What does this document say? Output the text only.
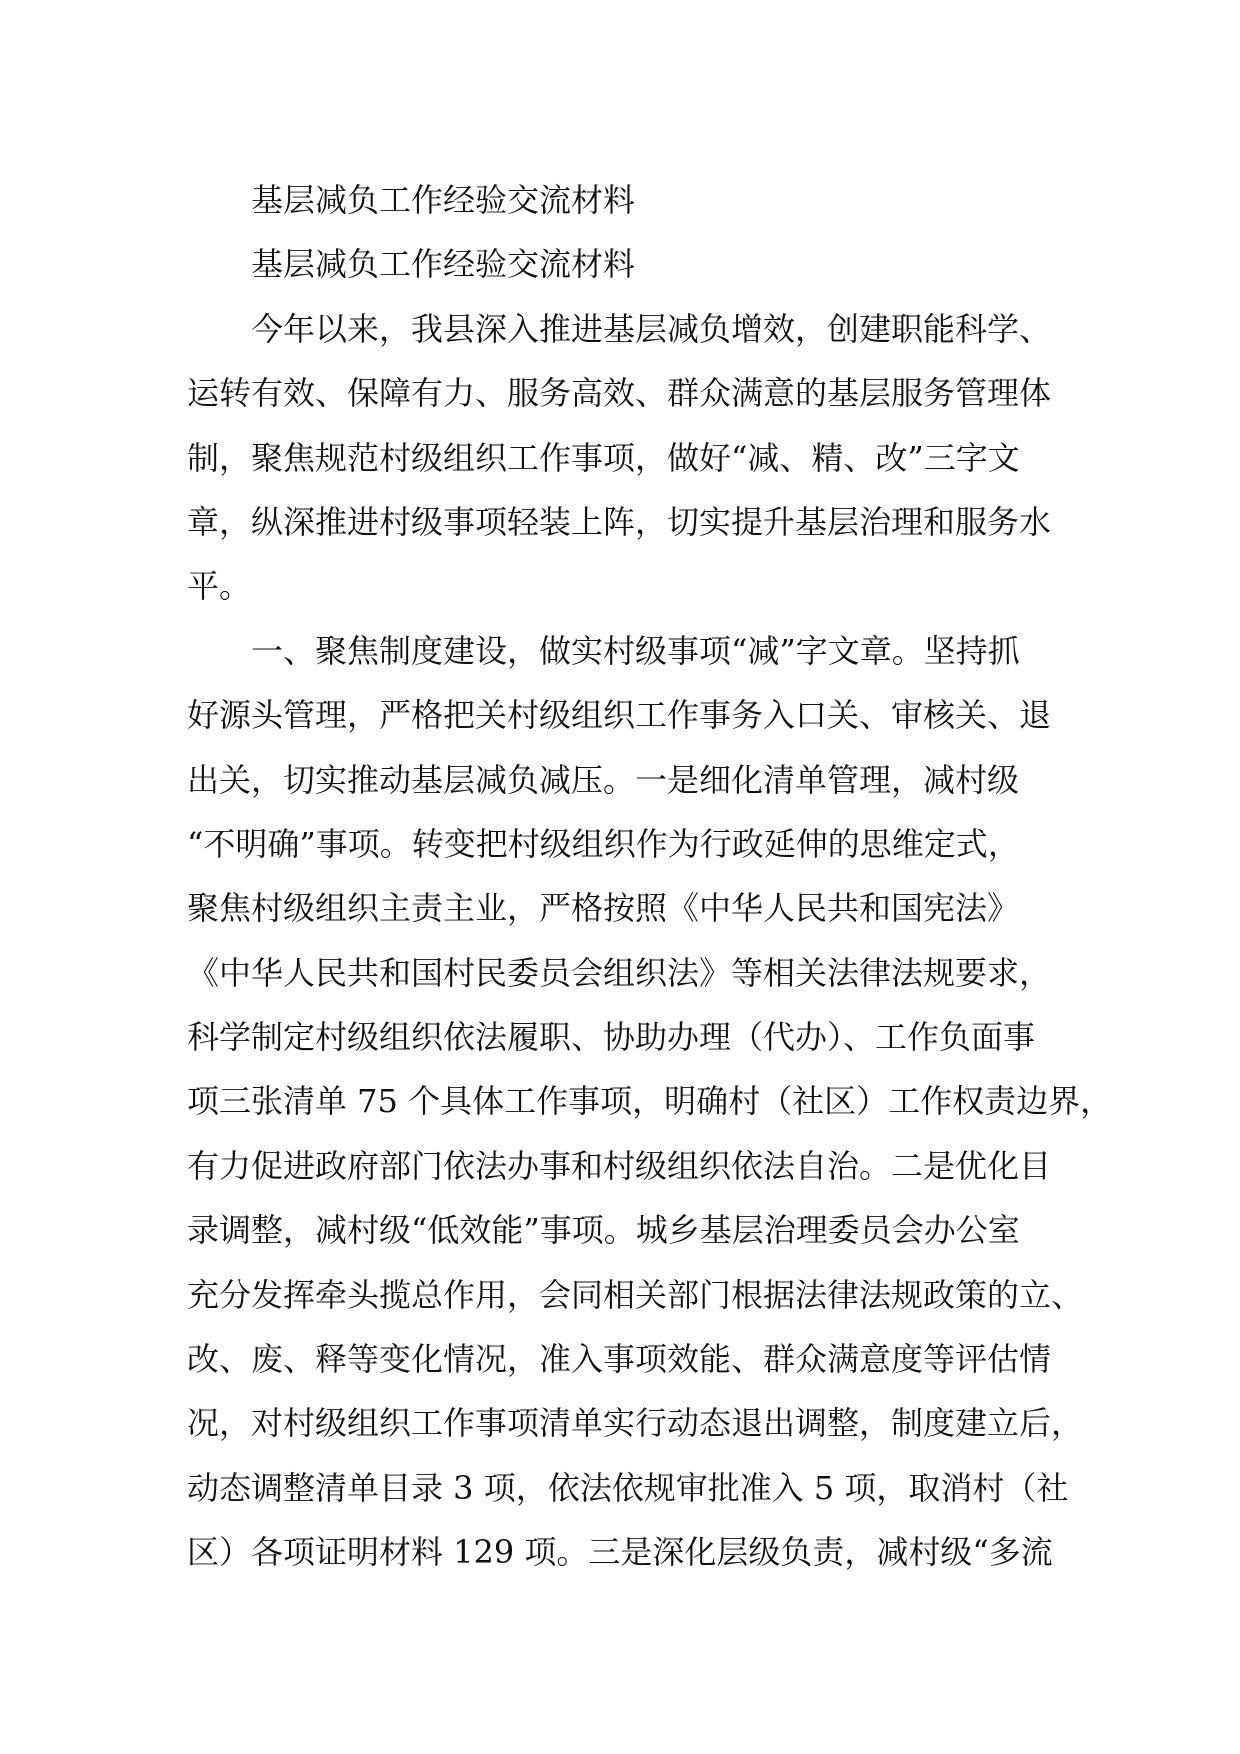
基层减负工作经验交流材料
基层减负工作经验交流材料
今年以来，我县深入推进基层减负增效，创建职能科学、
运转有效、保障有力、服务高效、群众满意的基层服务管理体
制，聚焦规范村级组织工作事项，做好“减、精、改”三字文
章，纵深推进村级事项轻装上阵，切实提升基层治理和服务水
平。
一、聚焦制度建设，做实村级事项“减”字文章。坚持抓
好源头管理，严格把关村级组织工作事务入口关、审核关、退
出关，切实推动基层减负减压。一是细化清单管理，减村级
“不明确”事项。转变把村级组织作为行政延伸的思维定式，
聚焦村级组织主责主业，严格按照《中华人民共和国宪法》
《中华人民共和国村民委员会组织法》等相关法律法规要求，
科学制定村级组织依法履职、协助办理（代办）、工作负面事
项三张清单 75 个具体工作事项，明确村（社区）工作权责边界，
有力促进政府部门依法办事和村级组织依法自治。二是优化目
录调整，减村级“低效能”事项。城乡基层治理委员会办公室
充分发挥牵头揽总作用，会同相关部门根据法律法规政策的立、
改、废、释等变化情况，准入事项效能、群众满意度等评估情
况，对村级组织工作事项清单实行动态退出调整，制度建立后，
动态调整清单目录 3 项，依法依规审批准入 5 项，取消村（社
区）各项证明材料 129 项。三是深化层级负责，减村级“多流
